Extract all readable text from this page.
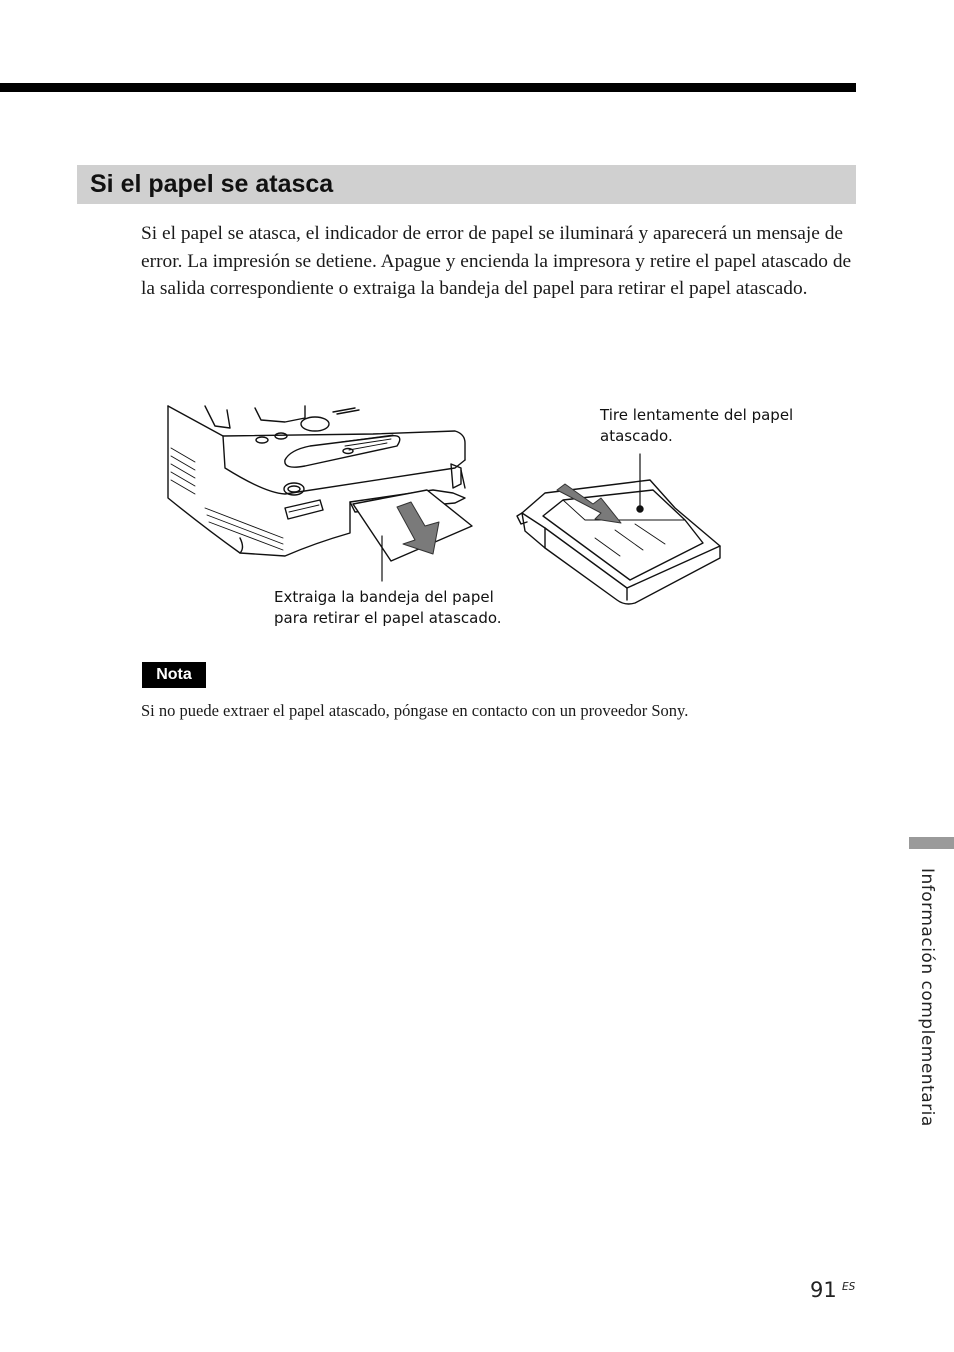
Si el papel se atasca

Si el papel se atasca, el indicador de error de papel se iluminará y aparecerá un mensaje de error. La impresión se detiene. Apague y encienda la impresora y retire el papel atascado de la salida correspondiente o extraiga la bandeja del papel para retirar el papel atascado.

Tire lentamente del papel
atascado.

Extraiga la bandeja del papel
para retirar el papel atascado.

Nota

Si no puede extraer el papel atascado, póngase en contacto con un proveedor Sony.

Información complementaria
91 ES
